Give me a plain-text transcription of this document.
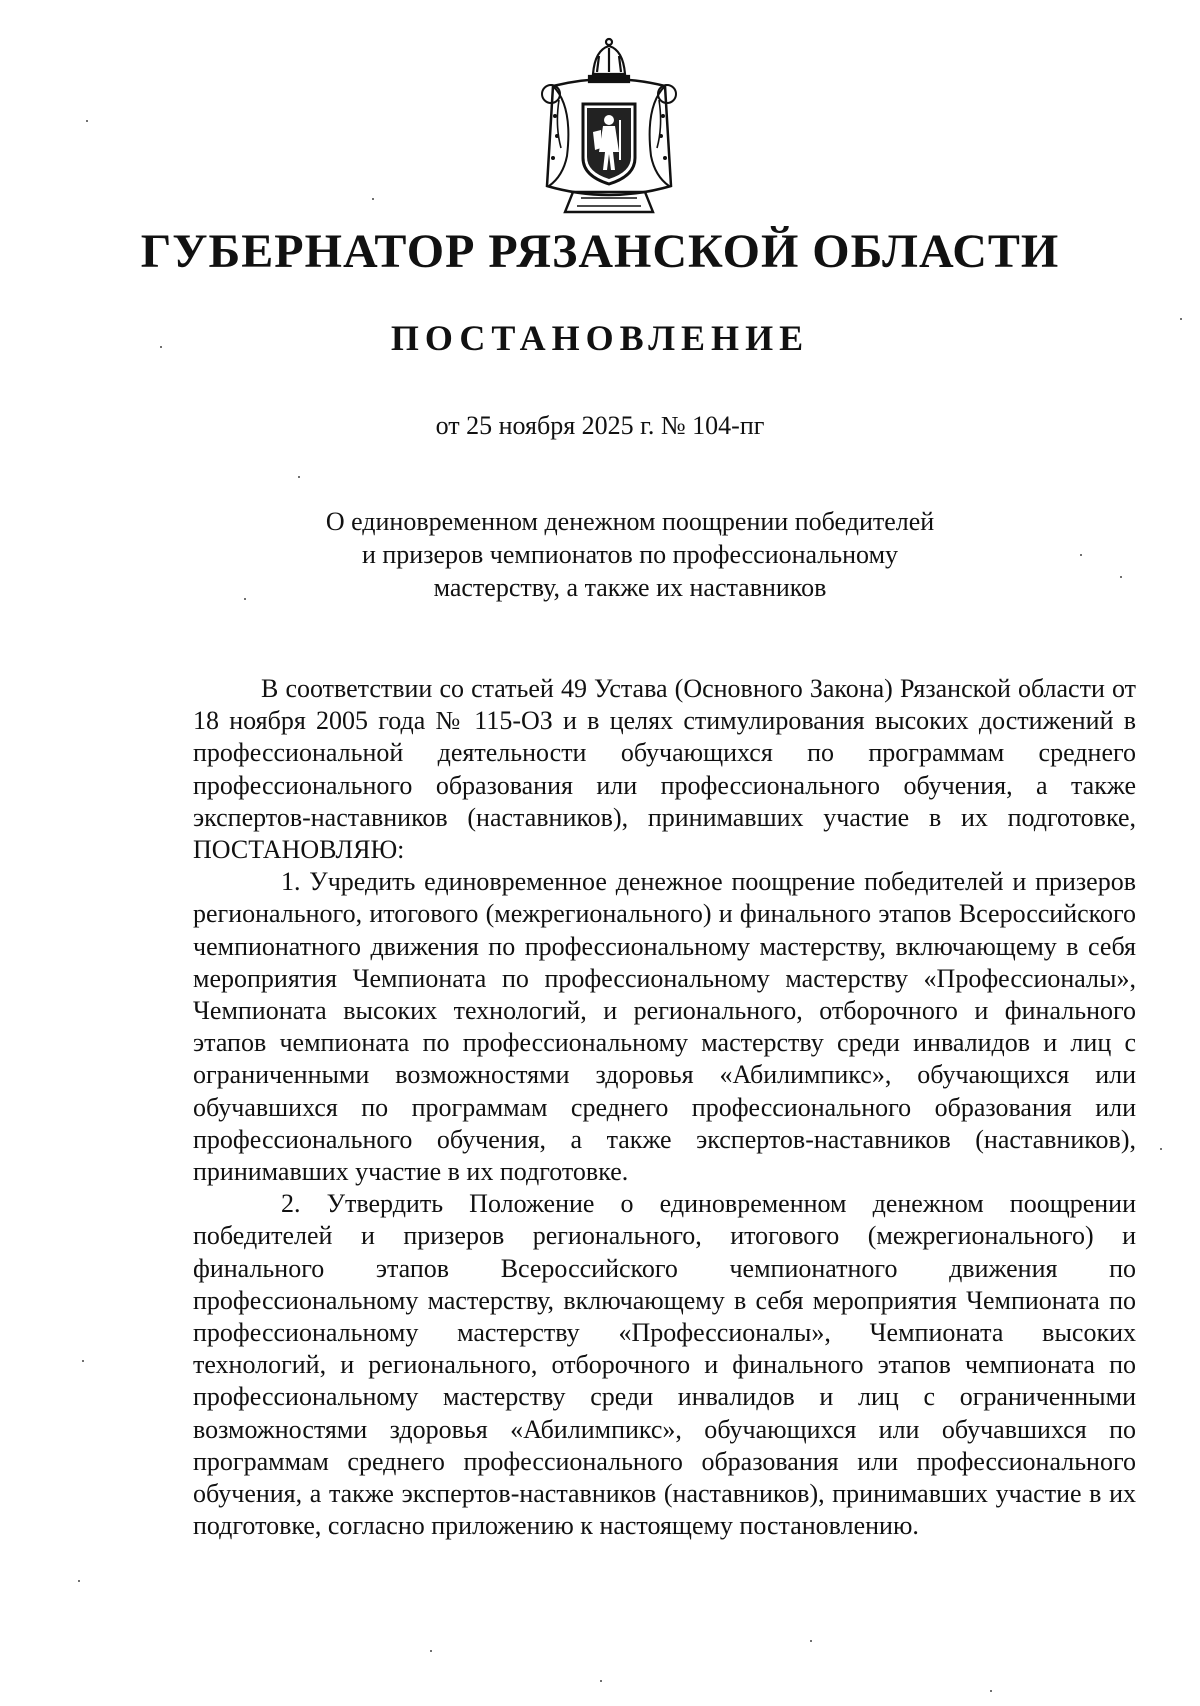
ГУБЕРНАТОР РЯЗАНСКОЙ ОБЛАСТИ
ПОСТАНОВЛЕНИЕ
от 25 ноября 2025 г. № 104-пг
О единовременном денежном поощрении победителей
и призеров чемпионатов по профессиональному
мастерству, а также их наставников

В соответствии со статьей 49 Устава (Основного Закона) Рязанской области от 18 ноября 2005 года № 115-ОЗ и в целях стимулирования высоких достижений в профессиональной деятельности обучающихся по программам среднего профессионального образования или профессионального обучения, а также экспертов-наставников (наставников), принимавших участие в их подготовке, ПОСТАНОВЛЯЮ:

1. Учредить единовременное денежное поощрение победителей и призеров регионального, итогового (межрегионального) и финального этапов Всероссийского чемпионатного движения по профессиональному мастерству, включающему в себя мероприятия Чемпионата по профессиональному мастерству «Профессионалы», Чемпионата высоких технологий, и регионального, отборочного и финального этапов чемпионата по профессиональному мастерству среди инвалидов и лиц с ограниченными возможностями здоровья «Абилимпикс», обучающихся или обучавшихся по программам среднего профессионального образования или профессионального обучения, а также экспертов-наставников (наставников), принимавших участие в их подготовке.

2. Утвердить Положение о единовременном денежном поощрении победителей и призеров регионального, итогового (межрегионального) и финального этапов Всероссийского чемпионатного движения по профессиональному мастерству, включающему в себя мероприятия Чемпионата по профессиональному мастерству «Профессионалы», Чемпионата высоких технологий, и регионального, отборочного и финального этапов чемпионата по профессиональному мастерству среди инвалидов и лиц с ограниченными возможностями здоровья «Абилимпикс», обучающихся или обучавшихся по программам среднего профессионального образования или профессионального обучения, а также экспертов-наставников (наставников), принимавших участие в их подготовке, согласно приложению к настоящему постановлению.
